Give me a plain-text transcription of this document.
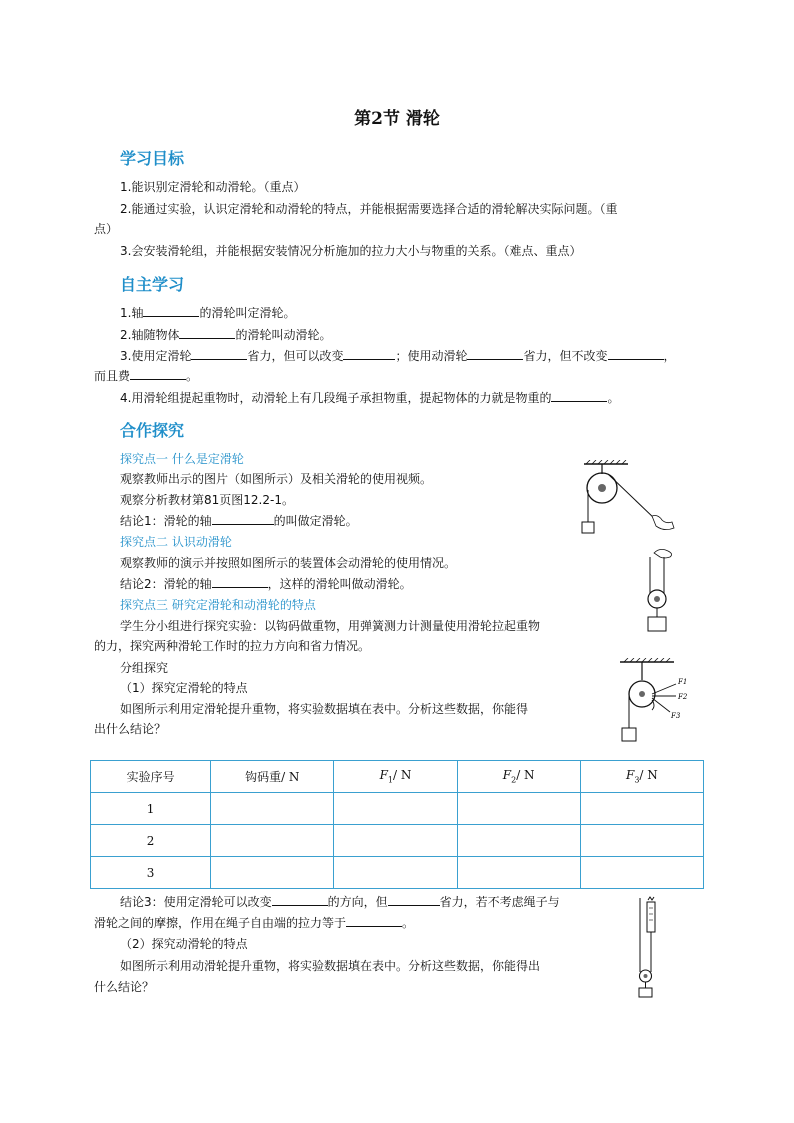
第2节 滑轮
学习目标
1.能识别定滑轮和动滑轮。（重点）
2.能通过实验，认识定滑轮和动滑轮的特点，并能根据需要选择合适的滑轮解决实际问题。（重
点）
3.会安装滑轮组，并能根据安装情况分析施加的拉力大小与物重的关系。（难点、重点）
自主学习
1.轴	的滑轮叫定滑轮。
2.轴随物体	的滑轮叫动滑轮。
3.使用定滑轮	省力，但可以改变	；使用动滑轮	省力，但不改变	，
而且费	。
4.用滑轮组提起重物时，动滑轮上有几段绳子承担物重，提起物体的力就是物重的	。
合作探究
探究点一 什么是定滑轮
观察教师出示的图片（如图所示）及相关滑轮的使用视频。
观察分析教材第81页图12.2-1。
结论1：滑轮的轴	的叫做定滑轮。
探究点二 认识动滑轮
观察教师的演示并按照如图所示的装置体会动滑轮的使用情况。
结论2：滑轮的轴	，这样的滑轮叫做动滑轮。
探究点三 研究定滑轮和动滑轮的特点
学生分小组进行探究实验：以钩码做重物，用弹簧测力计测量使用滑轮拉起重物
的力，探究两种滑轮工作时的拉力方向和省力情况。
分组探究
（1）探究定滑轮的特点
如图所示利用定滑轮提升重物，将实验数据填在表中。分析这些数据，你能得
出什么结论？
实验序号	钩码重/ N	$F_1/$ N	$F_2/$ N	$F_3/$ N
1				
2				
3				
结论3：使用定滑轮可以改变	的方向，但	省力，若不考虑绳子与
滑轮之间的摩擦，作用在绳子自由端的拉力等于	。
（2）探究动滑轮的特点
如图所示利用动滑轮提升重物，将实验数据填在表中。分析这些数据，你能得出
什么结论？
F1
F2
F3
